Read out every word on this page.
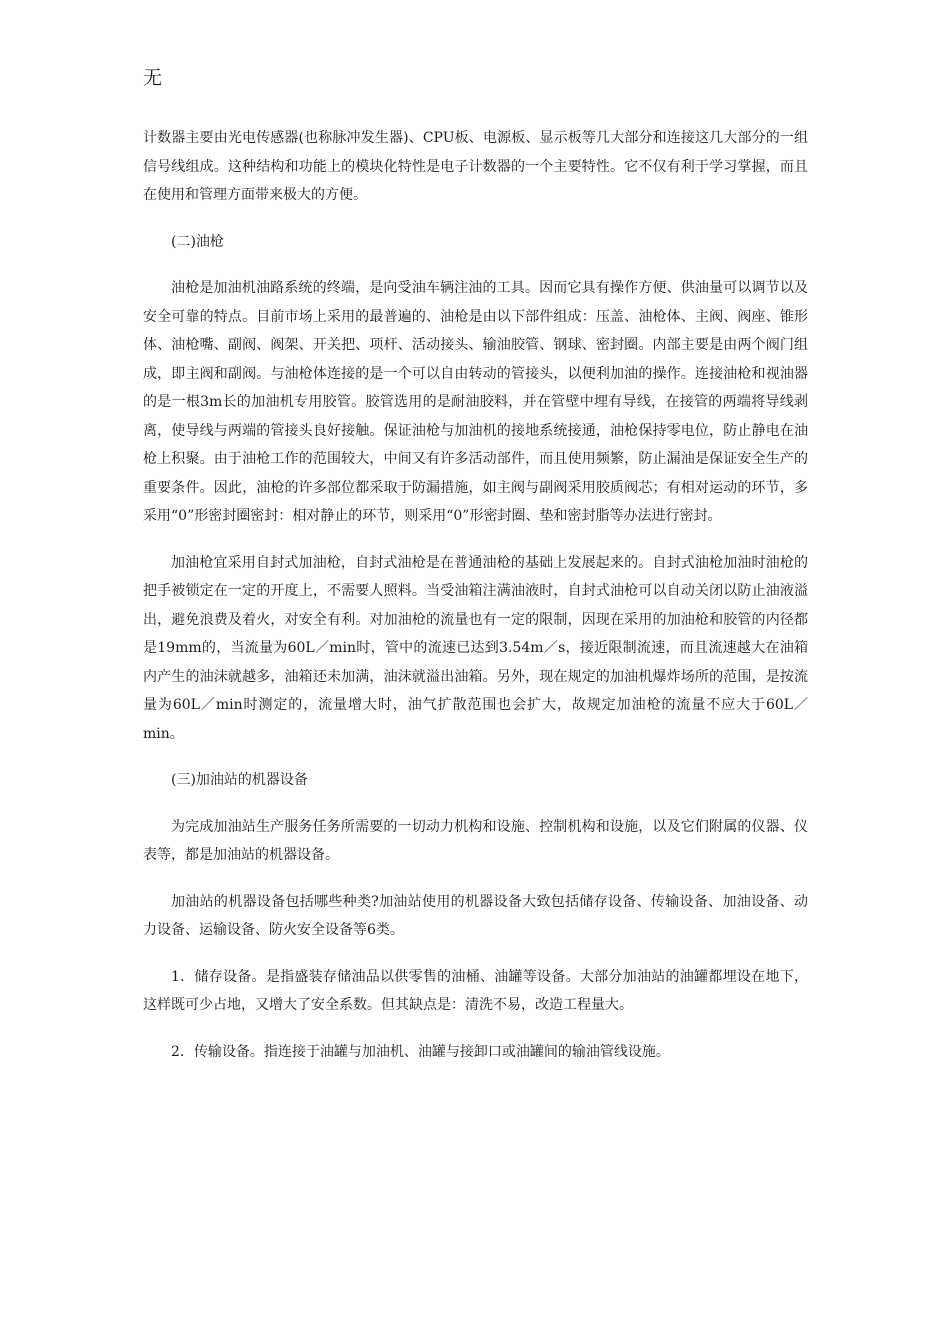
无

计数器主要由光电传感器(也称脉冲发生器)、CPU板、电源板、显示板等几大部分和连接这几大部分的一组信号线组成。这种结构和功能上的模块化特性是电子计数器的一个主要特性。它不仅有利于学习掌握，而且在使用和管理方面带来极大的方便。

(二)油枪

油枪是加油机油路系统的终端，是向受油车辆注油的工具。因而它具有操作方便、供油量可以调节以及安全可靠的特点。目前市场上采用的最普遍的、油枪是由以下部件组成：压盖、油枪体、主阀、阀座、锥形体、油枪嘴、副阀、阀架、开关把、项杆、活动接头、输油胶管、钢球、密封圈。内部主要是由两个阀门组成，即主阀和副阀。与油枪体连接的是一个可以自由转动的管接头，以便利加油的操作。连接油枪和视油器的是一根3m长的加油机专用胶管。胶管选用的是耐油胶料，并在管壁中埋有导线，在接管的两端将导线剥离，使导线与两端的管接头良好接触。保证油枪与加油机的接地系统接通，油枪保持零电位，防止静电在油枪上积聚。由于油枪工作的范围较大，中间又有许多活动部件，而且使用频繁，防止漏油是保证安全生产的重要条件。因此，油枪的许多部位都采取于防漏措施，如主阀与副阀采用胶质阀芯；有相对运动的环节，多采用“0”形密封圈密封：相对静止的环节，则采用“0”形密封圈、垫和密封脂等办法进行密封。

加油枪宜采用自封式加油枪，自封式油枪是在普通油枪的基础上发展起来的。自封式油枪加油时油枪的把手被锁定在一定的开度上，不需要人照料。当受油箱注满油液时，自封式油枪可以自动关闭以防止油液溢出，避免浪费及着火，对安全有利。对加油枪的流量也有一定的限制，因现在采用的加油枪和胶管的内径都是19mm的，当流量为60L／min时，管中的流速已达到3.54m／s，接近限制流速，而且流速越大在油箱内产生的油沫就越多，油箱还未加满，油沫就溢出油箱。另外，现在规定的加油机爆炸场所的范围，是按流量为60L／min时测定的，流量增大时，油气扩散范围也会扩大，故规定加油枪的流量不应大于60L／min。

(三)加油站的机器设备

为完成加油站生产服务任务所需要的一切动力机构和设施、控制机构和设施，以及它们附属的仪器、仪表等，都是加油站的机器设备。

加油站的机器设备包括哪些种类?加油站使用的机器设备大致包括储存设备、传输设备、加油设备、动力设备、运输设备、防火安全设备等6类。

1．储存设备。是指盛装存储油品以供零售的油桶、油罐等设备。大部分加油站的油罐都埋设在地下，这样既可少占地，又增大了安全系数。但其缺点是：清洗不易，改造工程量大。

2．传输设备。指连接于油罐与加油机、油罐与接卸口或油罐间的输油管线设施。
